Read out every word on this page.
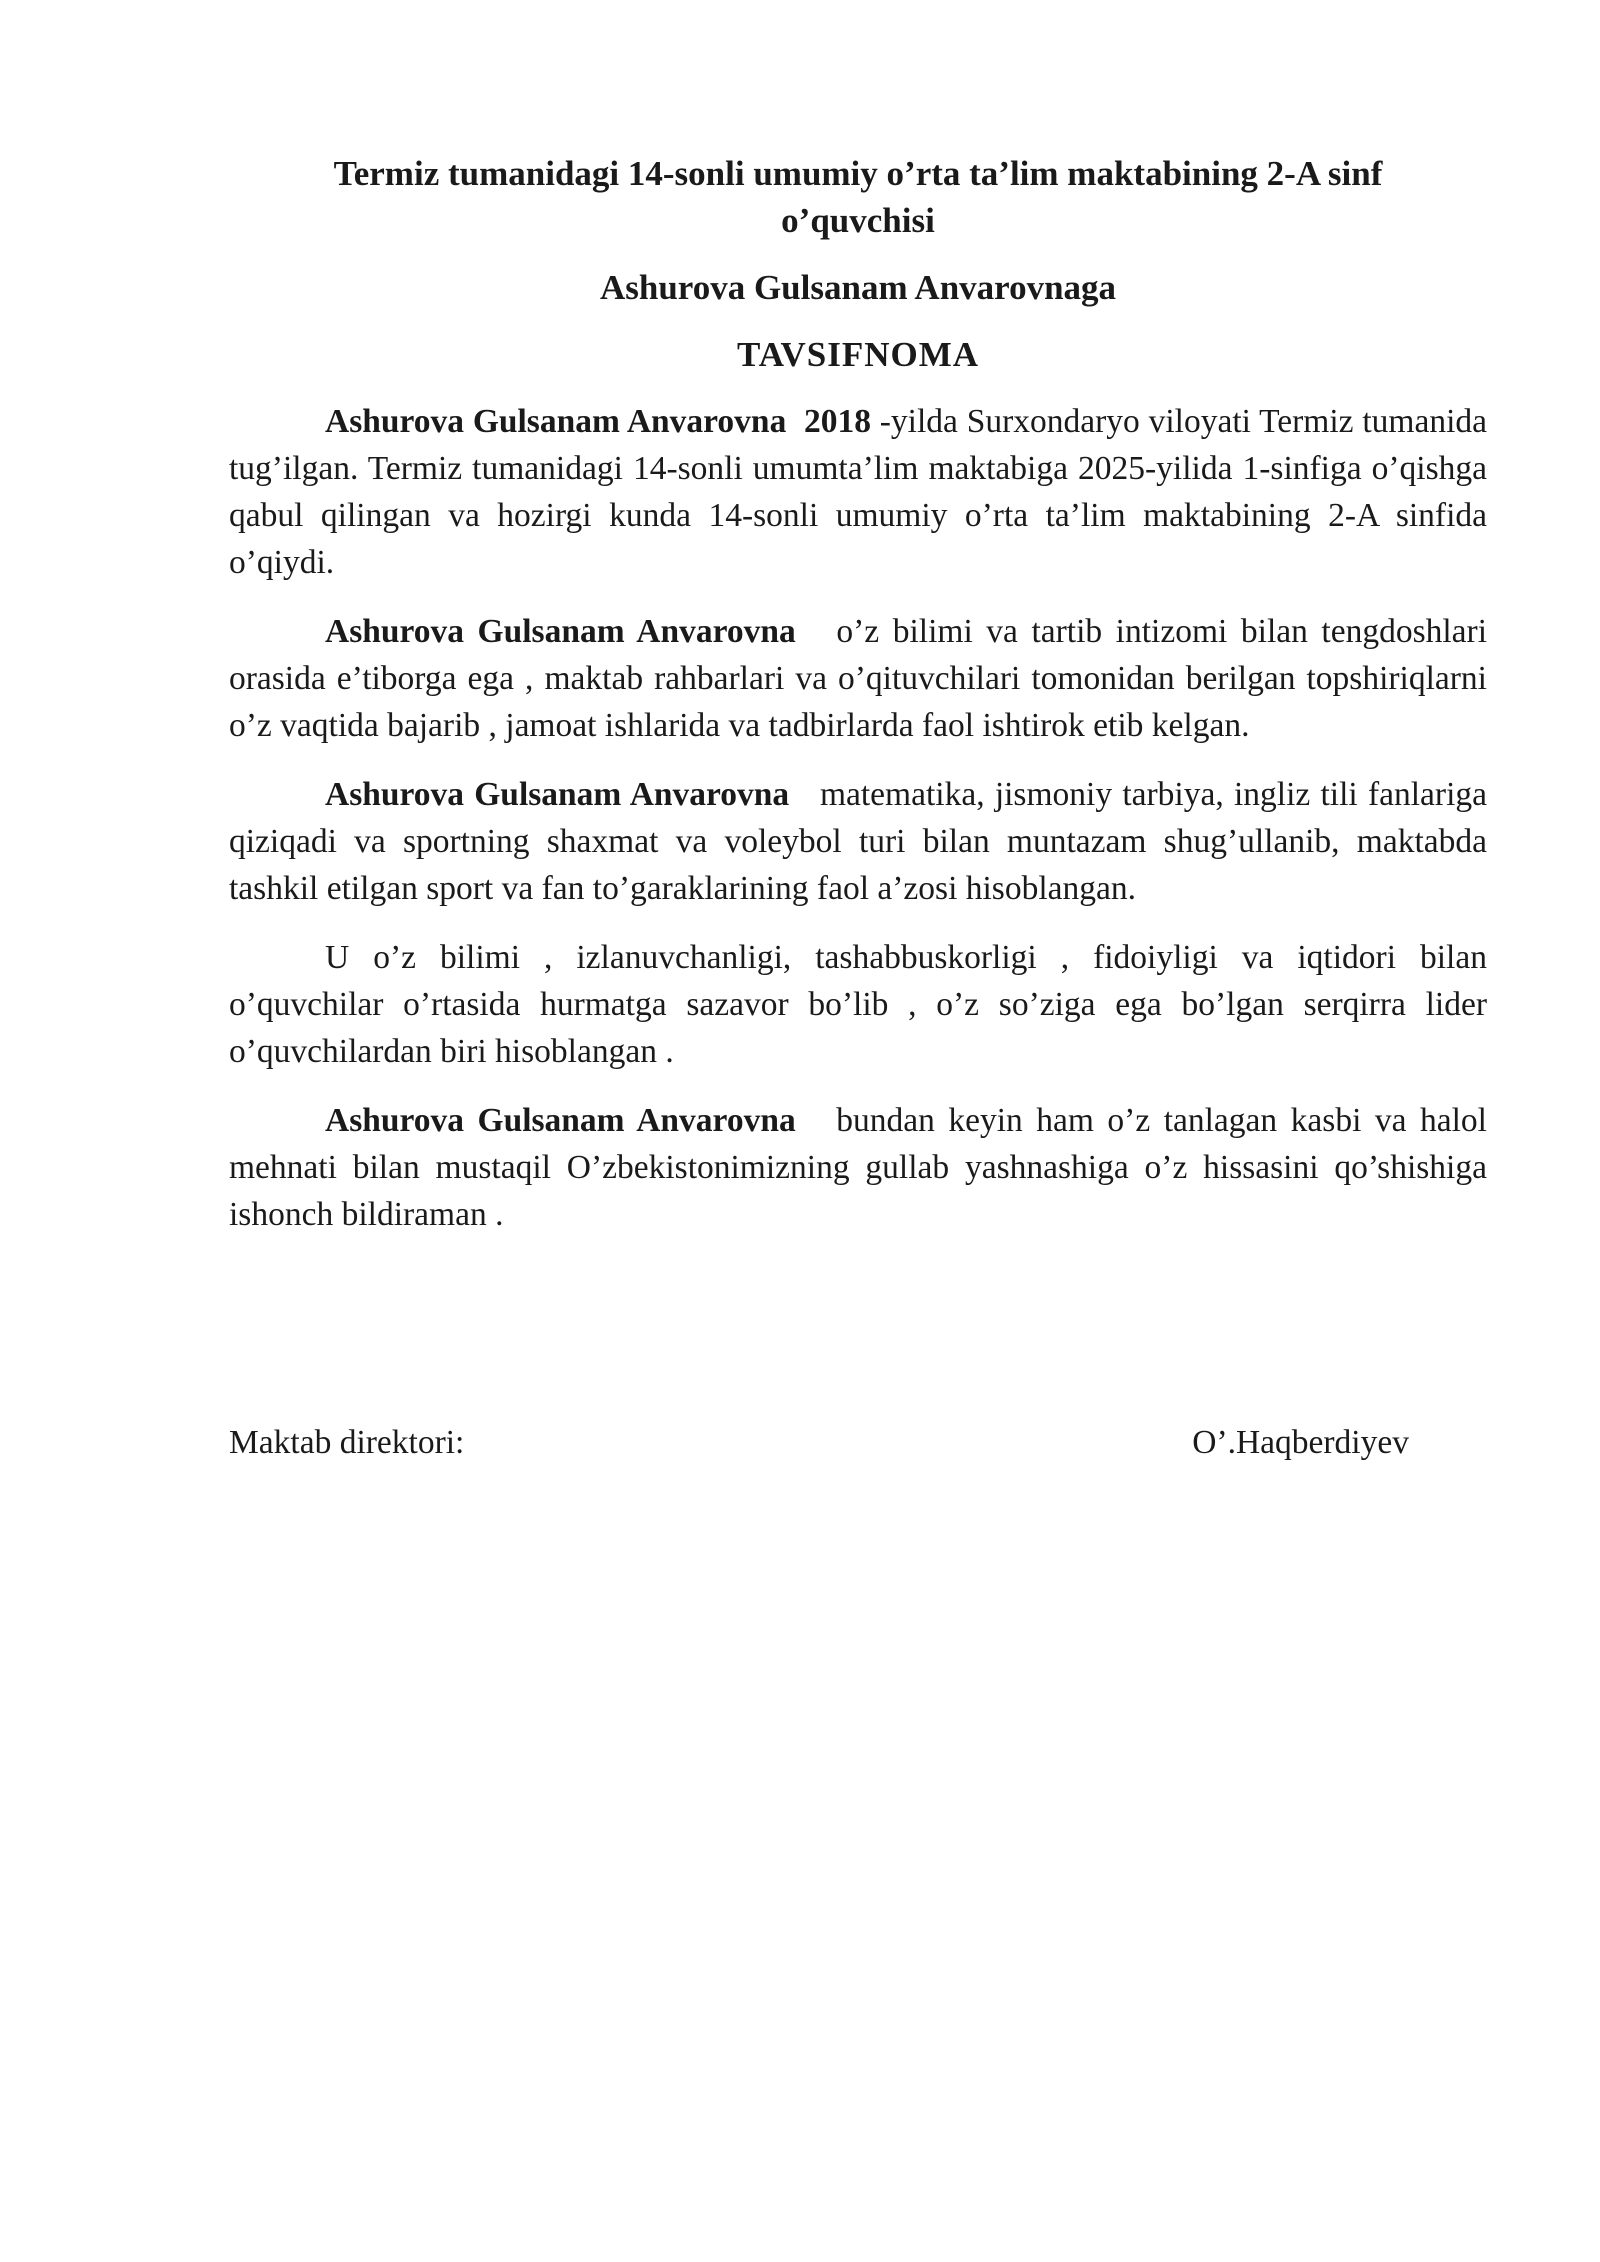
Termiz tumanidagi 14-sonli umumiy o’rta ta’lim maktabining 2-A sinf o’quvchisi

Ashurova Gulsanam Anvarovnaga

TAVSIFNOMA

Ashurova Gulsanam Anvarovna 2018 -yilda Surxondaryo viloyati Termiz tumanida tug’ilgan. Termiz tumanidagi 14-sonli umumta’lim maktabiga 2025-yilida 1-sinfiga o’qishga qabul qilingan va hozirgi kunda 14-sonli umumiy o’rta ta’lim maktabining 2-A sinfida o’qiydi.

Ashurova Gulsanam Anvarovna o’z bilimi va tartib intizomi bilan tengdoshlari orasida e’tiborga ega , maktab rahbarlari va o’qituvchilari tomonidan berilgan topshiriqlarni o’z vaqtida bajarib , jamoat ishlarida va tadbirlarda faol ishtirok etib kelgan.

Ashurova Gulsanam Anvarovna matematika, jismoniy tarbiya, ingliz tili fanlariga qiziqadi va sportning shaxmat va voleybol turi bilan muntazam shug’ullanib, maktabda tashkil etilgan sport va fan to’garaklarining faol a’zosi hisoblangan.

U o’z bilimi , izlanuvchanligi, tashabbuskorligi , fidoiyligi va iqtidori bilan o’quvchilar o’rtasida hurmatga sazavor bo’lib , o’z so’ziga ega bo’lgan serqirra lider o’quvchilardan biri hisoblangan .

Ashurova Gulsanam Anvarovna bundan keyin ham o’z tanlagan kasbi va halol mehnati bilan mustaqil O’zbekistonimizning gullab yashnashiga o’z hissasini qo’shishiga ishonch bildiraman .

Maktab direktori:	O’.Haqberdiyev
